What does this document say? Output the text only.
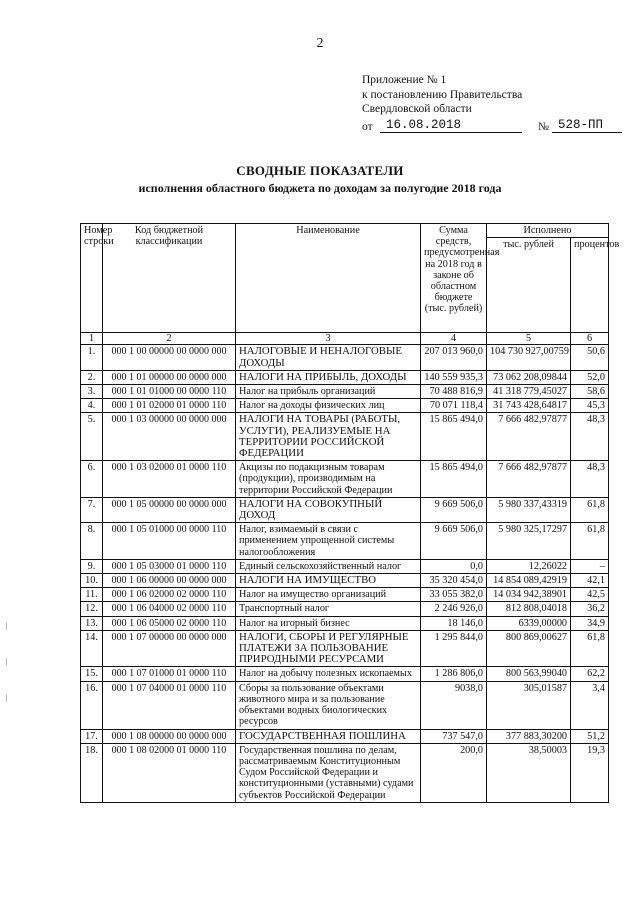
2
Приложение № 1
к постановлению Правительства
Свердловской области
от	16.08.2018	№ 528-ПП
СВОДНЫЕ ПОКАЗАТЕЛИ
исполнения областного бюджета по доходам за полугодие 2018 года
Номер строки	Код бюджетной классификации	Наименование	Сумма средств, предусмотренная на 2018 год в законе об областном бюджете (тыс. рублей)	Исполнено	
				тыс. рублей	процентов
1	2	3	4	5	6
1.	000 1 00 00000 00 0000 000	НАЛОГОВЫЕ И НЕНАЛОГОВЫЕ ДОХОДЫ	207 013 960,0	104 730 927,00759	50,6
2.	000 1 01 00000 00 0000 000	НАЛОГИ НА ПРИБЫЛЬ, ДОХОДЫ	140 559 935,3	73 062 208,09844	52,0
3.	000 1 01 01000 00 0000 110	Налог на прибыль организаций	70 488 816,9	41 318 779,45027	58,6
4.	000 1 01 02000 01 0000 110	Налог на доходы физических лиц	70 071 118,4	31 743 428,64817	45,3
5.	000 1 03 00000 00 0000 000	НАЛОГИ НА ТОВАРЫ (РАБОТЫ, УСЛУГИ), РЕАЛИЗУЕМЫЕ НА ТЕРРИТОРИИ РОССИЙСКОЙ ФЕДЕРАЦИИ	15 865 494,0	7 666 482,97877	48,3
6.	000 1 03 02000 01 0000 110	Акцизы по подакцизным товарам (продукции), производимым на территории Российской Федерации	15 865 494,0	7 666 482,97877	48,3
7.	000 1 05 00000 00 0000 000	НАЛОГИ НА СОВОКУПНЫЙ ДОХОД	9 669 506,0	5 980 337,43319	61,8
8.	000 1 05 01000 00 0000 110	Налог, взимаемый в связи с применением упрощенной системы налогообложения	9 669 506,0	5 980 325,17297	61,8
9.	000 1 05 03000 01 0000 110	Единый сельскохозяйственный налог	0,0	12,26022	–
10.	000 1 06 00000 00 0000 000	НАЛОГИ НА ИМУЩЕСТВО	35 320 454,0	14 854 089,42919	42,1
11.	000 1 06 02000 02 0000 110	Налог на имущество организаций	33 055 382,0	14 034 942,38901	42,5
12.	000 1 06 04000 02 0000 110	Транспортный налог	2 246 926,0	812 808,04018	36,2
13.	000 1 06 05000 02 0000 110	Налог на игорный бизнес	18 146,0	6339,00000	34,9
14.	000 1 07 00000 00 0000 000	НАЛОГИ, СБОРЫ И РЕГУЛЯРНЫЕ ПЛАТЕЖИ ЗА ПОЛЬЗОВАНИЕ ПРИРОДНЫМИ РЕСУРСАМИ	1 295 844,0	800 869,00627	61,8
15.	000 1 07 01000 01 0000 110	Налог на добычу полезных ископаемых	1 286 806,0	800 563,99040	62,2
16.	000 1 07 04000 01 0000 110	Сборы за пользование объектами животного мира и за пользование объектами водных биологических ресурсов	9038,0	305,01587	3,4
17.	000 1 08 00000 00 0000 000	ГОСУДАРСТВЕННАЯ ПОШЛИНА	737 547,0	377 883,30200	51,2
18.	000 1 08 02000 01 0000 110	Государственная пошлина по делам, рассматриваемым Конституционным Судом Российской Федерации и конституционными (уставными) судами субъектов Российской Федерации	200,0	38,50003	19,3
